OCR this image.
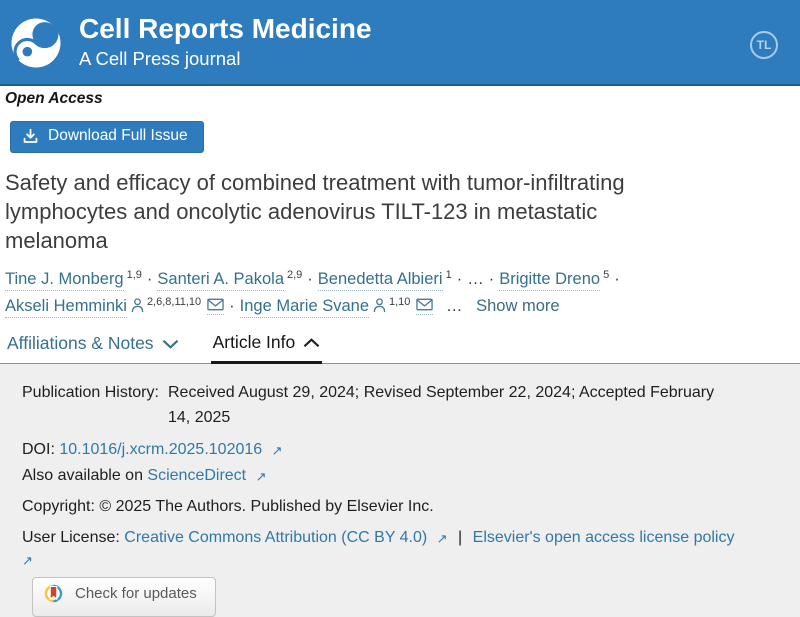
Cell Reports Medicine
A Cell Press journal
TL
Open Access
Download Full Issue
Safety and efficacy of combined treatment with tumor-infiltrating
lymphocytes and oncolytic adenovirus TILT-123 in metastatic
melanoma
Tine J. Monberg $^{1,9}$ · Santeri A. Pakola $^{2,9}$ · Benedetta Albieri $^1$ · … · Brigitte Dreno $^5$ ·
Akseli Hemminki $^{2,6,8,11,10}$ · Inge Marie Svane $^{1,10}$ … Show more
Affiliations & Notes	Article Info
Publication History: Received August 29, 2024; Revised September 22, 2024; Accepted February
14, 2025
DOI: 10.1016/j.xcrm.2025.102016 ↗
Also available on ScienceDirect ↗
Copyright: © 2025 The Authors. Published by Elsevier Inc.
User License: Creative Commons Attribution (CC BY 4.0) ↗ | Elsevier's open access license policy
↗
Check for updates
